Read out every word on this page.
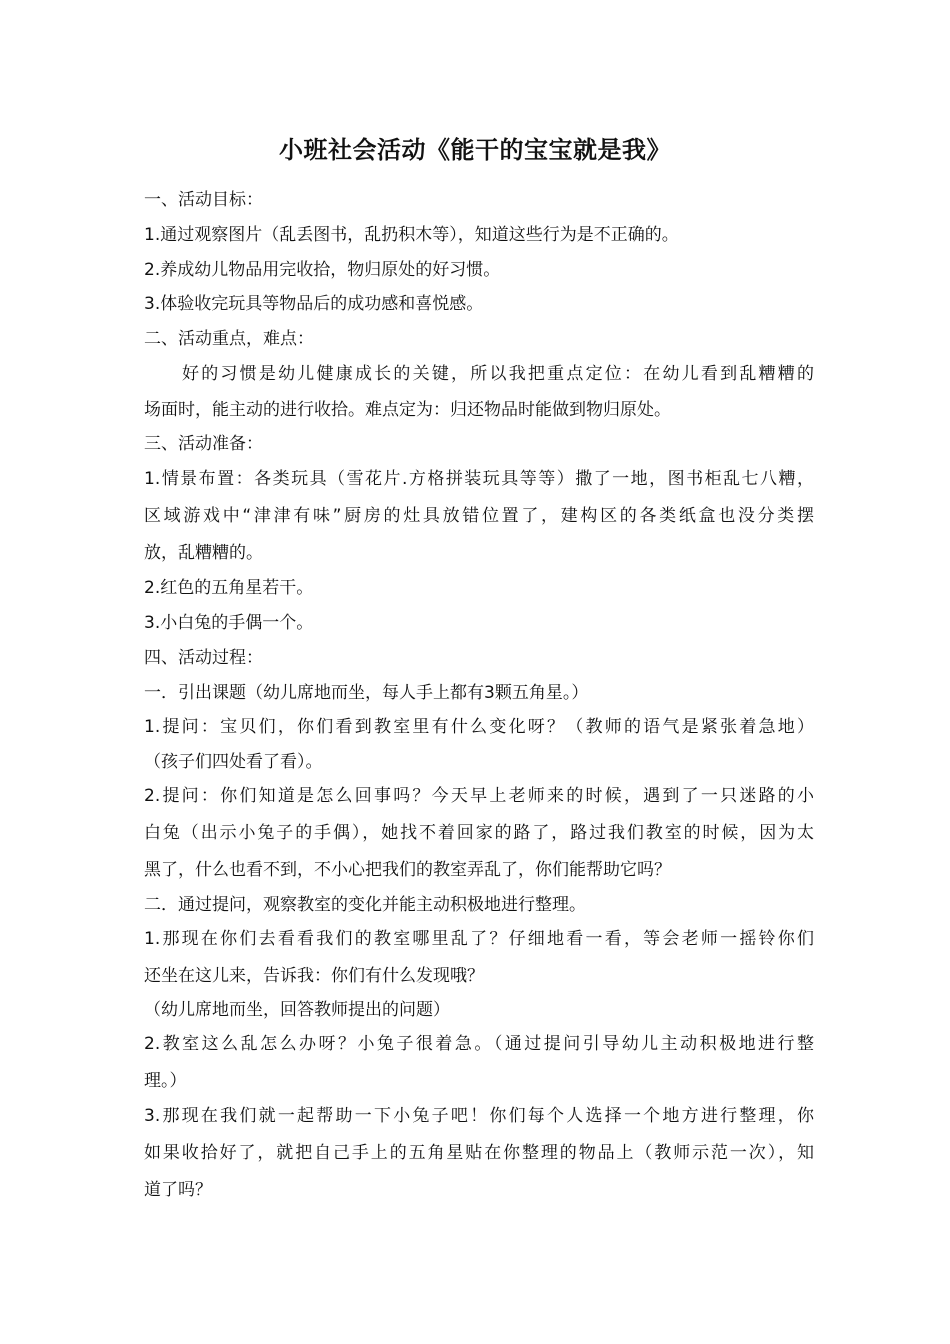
小班社会活动《能干的宝宝就是我》
一、活动目标：
1.通过观察图片（乱丢图书，乱扔积木等），知道这些行为是不正确的。
2.养成幼儿物品用完收拾，物归原处的好习惯。
3.体验收完玩具等物品后的成功感和喜悦感。
二、活动重点，难点：
好的习惯是幼儿健康成长的关键，所以我把重点定位：在幼儿看到乱糟糟的
场面时，能主动的进行收拾。难点定为：归还物品时能做到物归原处。
三、活动准备：
1.情景布置：各类玩具（雪花片.方格拼装玩具等等）撒了一地，图书柜乱七八糟，
区域游戏中“津津有味”厨房的灶具放错位置了，建构区的各类纸盒也没分类摆
放，乱糟糟的。
2.红色的五角星若干。
3.小白兔的手偶一个。
四、活动过程：
一．引出课题（幼儿席地而坐，每人手上都有3颗五角星。）
1.提问：宝贝们，你们看到教室里有什么变化呀？（教师的语气是紧张着急地）
（孩子们四处看了看）。
2.提问：你们知道是怎么回事吗？今天早上老师来的时候，遇到了一只迷路的小
白兔（出示小兔子的手偶），她找不着回家的路了，路过我们教室的时候，因为太
黑了，什么也看不到，不小心把我们的教室弄乱了，你们能帮助它吗？
二．通过提问，观察教室的变化并能主动积极地进行整理。
1.那现在你们去看看我们的教室哪里乱了？仔细地看一看，等会老师一摇铃你们
还坐在这儿来，告诉我：你们有什么发现哦？
（幼儿席地而坐，回答教师提出的问题）
2.教室这么乱怎么办呀？小兔子很着急。（通过提问引导幼儿主动积极地进行整
理。）
3.那现在我们就一起帮助一下小兔子吧！你们每个人选择一个地方进行整理，你
如果收拾好了，就把自己手上的五角星贴在你整理的物品上（教师示范一次），知
道了吗？
